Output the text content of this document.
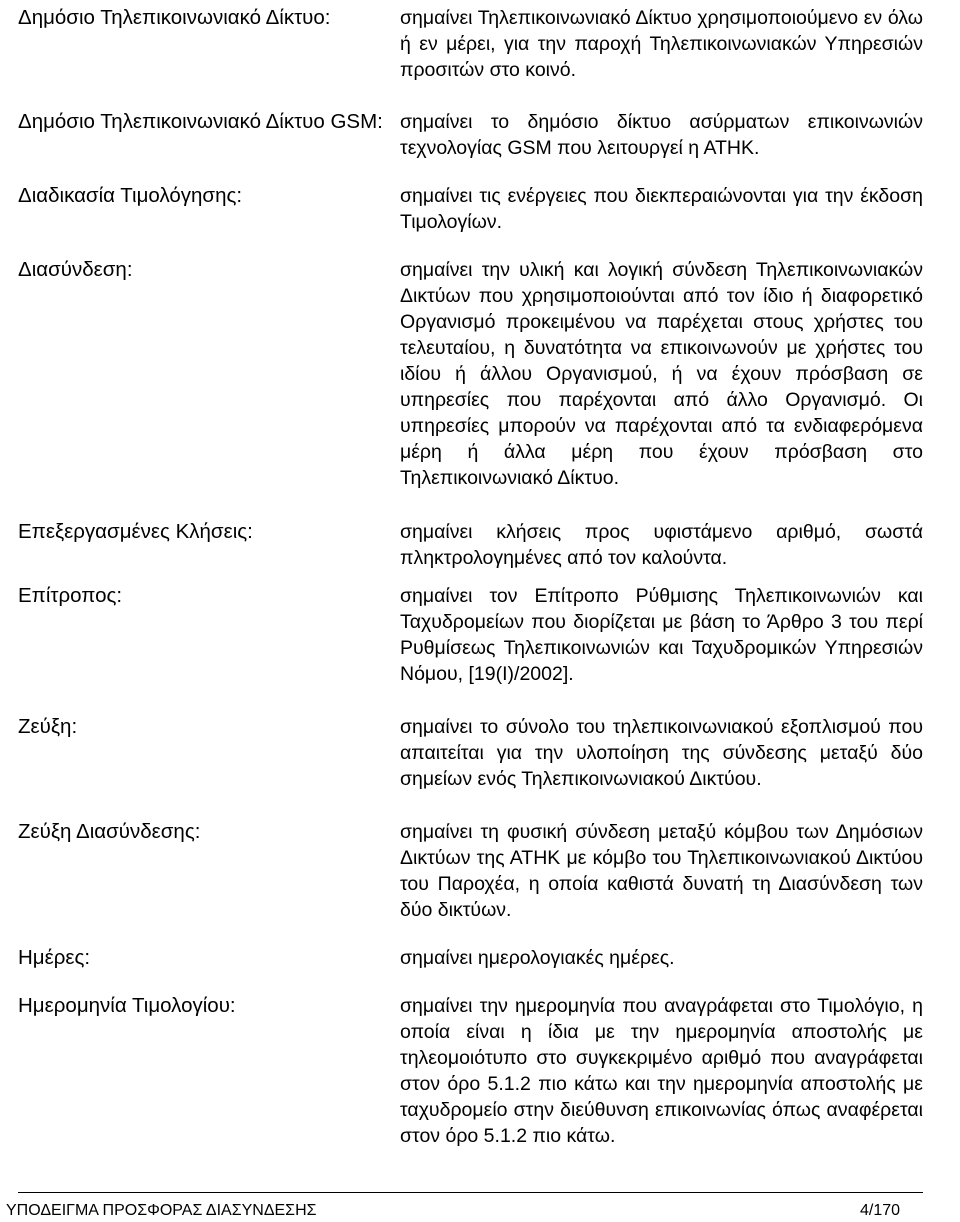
Δημόσιο Τηλεπικοινωνιακό Δίκτυο:	σημαίνει Τηλεπικοινωνιακό Δίκτυο χρησιμοποιούμενο εν όλω ή εν μέρει, για την παροχή Τηλεπικοινωνιακών Υπηρεσιών προσιτών στο κοινό.
Δημόσιο Τηλεπικοινωνιακό Δίκτυο GSM: σημαίνει το δημόσιο δίκτυο ασύρματων επικοινωνιών τεχνολογίας GSM που λειτουργεί η ΑΤΗΚ.
Διαδικασία Τιμολόγησης:	σημαίνει τις ενέργειες που διεκπεραιώνονται για την έκδοση Τιμολογίων.
Διασύνδεση:	σημαίνει την υλική και λογική σύνδεση Τηλεπικοινωνιακών Δικτύων που χρησιμοποιούνται από τον ίδιο ή διαφορετικό Οργανισμό προκειμένου να παρέχεται στους χρήστες του τελευταίου, η δυνατότητα να επικοινωνούν με χρήστες του ιδίου ή άλλου Οργανισμού, ή να έχουν πρόσβαση σε υπηρεσίες που παρέχονται από άλλο Οργανισμό. Οι υπηρεσίες μπορούν να παρέχονται από τα ενδιαφερόμενα μέρη ή άλλα μέρη που έχουν πρόσβαση στο Τηλεπικοινωνιακό Δίκτυο.
Επεξεργασμένες Κλήσεις:	σημαίνει κλήσεις προς υφιστάμενο αριθμό, σωστά πληκτρολογημένες από τον καλούντα.
Επίτροπος:	σημαίνει τον Επίτροπο Ρύθμισης Τηλεπικοινωνιών και Ταχυδρομείων που διορίζεται με βάση το Άρθρο 3 του περί Ρυθμίσεως Τηλεπικοινωνιών και Ταχυδρομικών Υπηρεσιών Νόμου, [19(Ι)/2002].
Ζεύξη:	σημαίνει το σύνολο του τηλεπικοινωνιακού εξοπλισμού που απαιτείται για την υλοποίηση της σύνδεσης μεταξύ δύο σημείων ενός Τηλεπικοινωνιακού Δικτύου.
Ζεύξη Διασύνδεσης:	σημαίνει τη φυσική σύνδεση μεταξύ κόμβου των Δημόσιων Δικτύων της ΑΤΗΚ με κόμβο του Τηλεπικοινωνιακού Δικτύου του Παροχέα, η οποία καθιστά δυνατή τη Διασύνδεση των δύο δικτύων.
Ημέρες:	σημαίνει ημερολογιακές ημέρες.
Ημερομηνία Τιμολογίου:	σημαίνει την ημερομηνία που αναγράφεται στο Τιμολόγιο, η οποία είναι η ίδια με την ημερομηνία αποστολής με τηλεομοιότυπο στο συγκεκριμένο αριθμό που αναγράφεται στον όρο 5.1.2 πιο κάτω και την ημερομηνία αποστολής με ταχυδρομείο στην διεύθυνση επικοινωνίας όπως αναφέρεται στον όρο 5.1.2 πιο κάτω.
ΥΠΟΔΕΙΓΜΑ ΠΡΟΣΦΟΡΑΣ ΔΙΑΣΥΝΔΕΣΗΣ	4/170
